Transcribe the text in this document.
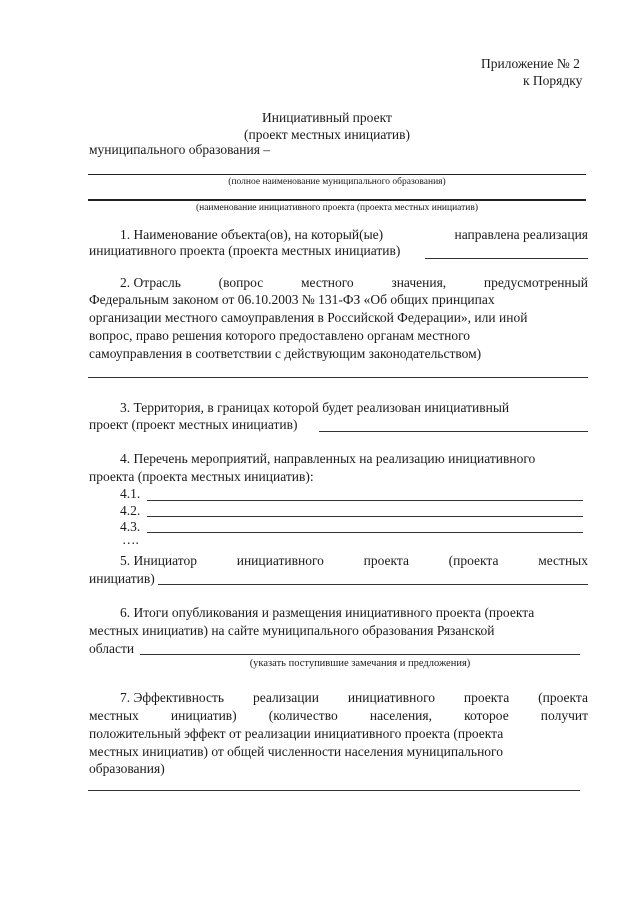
Приложение № 2
к Порядку
Инициативный проект
(проект местных инициатив)
муниципального образования –
(полное наименование муниципального образования)
(наименование инициативного проекта (проекта местных инициатив)
1. Наименование объекта(ов), на который(ые)	направлена реализация
инициативного проекта (проекта местных инициатив)
2. Отрасль	(вопрос	местного	значения,	предусмотренный
Федеральным законом от 06.10.2003 № 131-ФЗ «Об общих принципах
организации местного самоуправления в Российской Федерации», или иной
вопрос, право решения которого предоставлено органам местного
самоуправления в соответствии с действующим законодательством)
3. Территория, в границах которой будет реализован инициативный
проект (проект местных инициатив)
4. Перечень мероприятий, направленных на реализацию инициативного
проекта (проекта местных инициатив):
4.1.
4.2.
4.3.
….
5. Инициатор	инициативного	проекта	(проекта	местных
инициатив)
6. Итоги опубликования и размещения инициативного проекта (проекта
местных инициатив) на сайте муниципального образования Рязанской
области
(указать поступившие замечания и предложения)
7. Эффективность реализации инициативного проекта (проекта
местных инициатив) (количество населения, которое получит
положительный эффект от реализации инициативного проекта (проекта
местных инициатив) от общей численности населения муниципального
образования)
